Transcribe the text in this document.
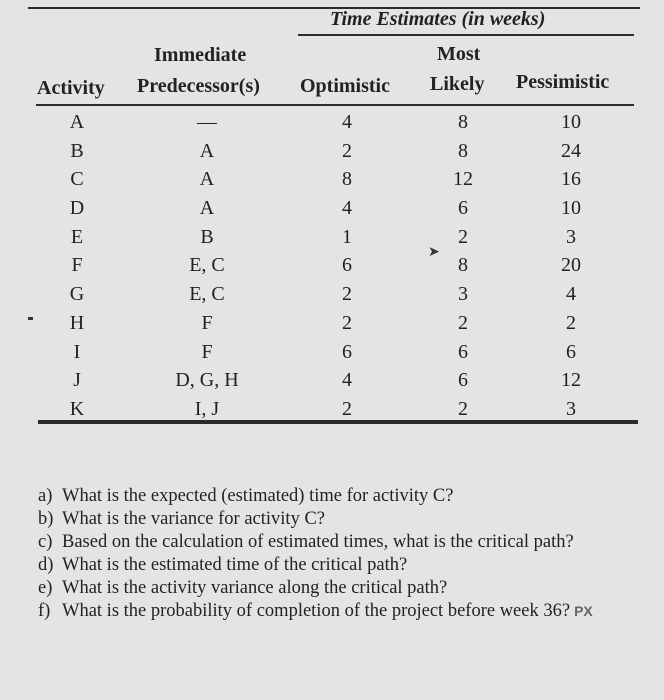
Time Estimates (in weeks)
Immediate
Predecessor(s)
Activity	Optimistic
Most
Likely Pessimistic
A
B
C
D
E
F
G
H
I
J
K
—
A
A
A
B
E, C
E, C
F
F
D, G, H
I, J
4
2
8
4
1
6
2
2
6
4
2
8
8
12
6
2
8
3
2
6
6
2
10
24
16
10
3
20
4
2
6
12
3
➤
a) What is the expected (estimated) time for activity C?
b) What is the variance for activity C?
c) Based on the calculation of estimated times, what is the critical path?
d) What is the estimated time of the critical path?
e) What is the activity variance along the critical path?
f) What is the probability of completion of the project before week 36? PX
